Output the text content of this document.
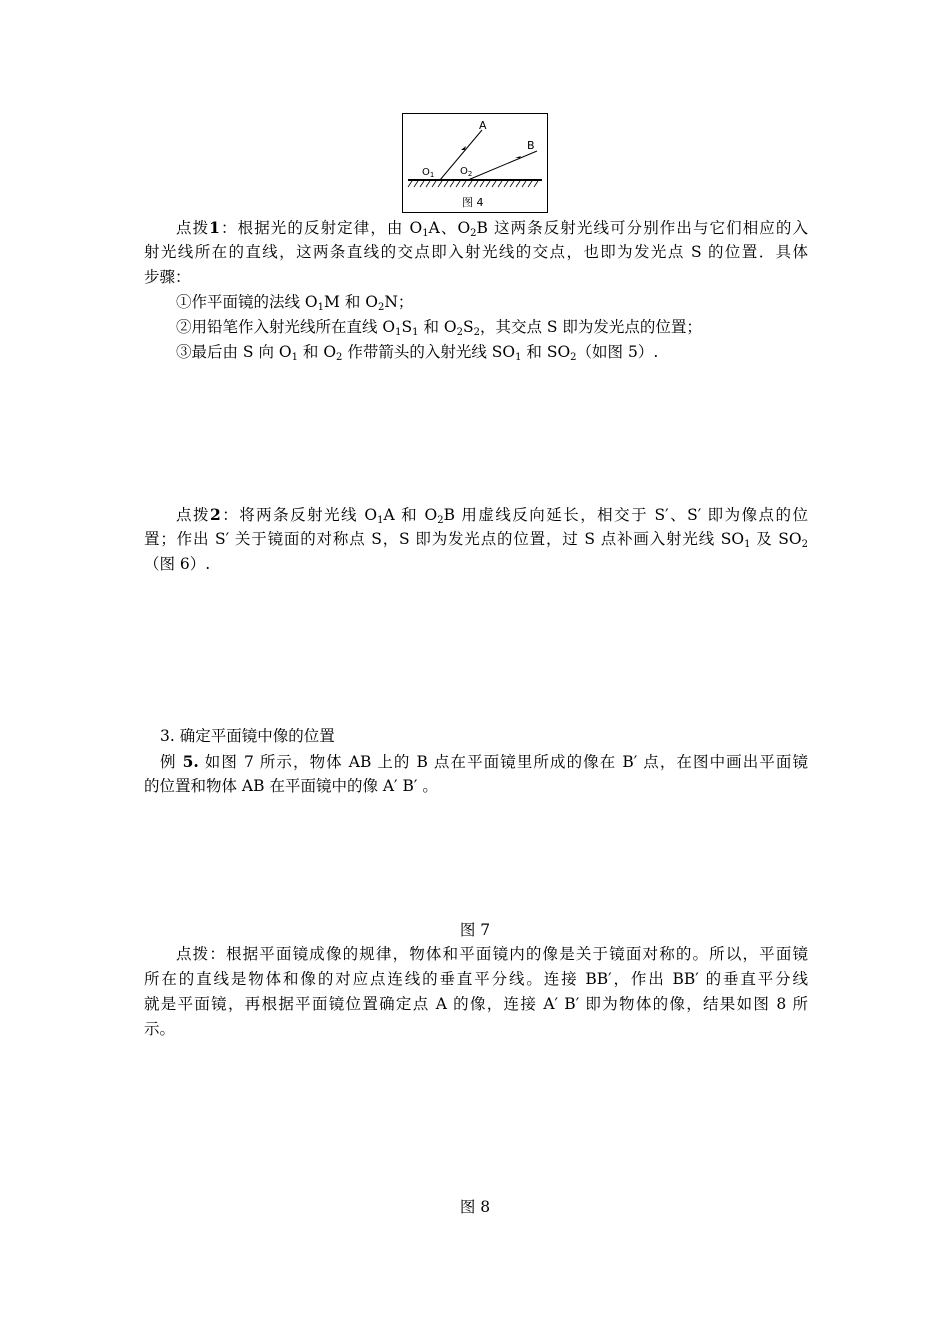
A
B
$O_1$	$O_2$
图 4
点拨1：根据光的反射定律，由 $O_1A$、$O_2B$ 这两条反射光线可分别作出与它们相应的入
射光线所在的直线，这两条直线的交点即入射光线的交点，也即为发光点 S 的位置．具体
步骤：
①作平面镜的法线 $O_1M$ 和 $O_2N$；
②用铅笔作入射光线所在直线 $O_1S_1$ 和 $O_2S_2$，其交点 S 即为发光点的位置；
③最后由 S 向 $O_1$ 和 $O_2$ 作带箭头的入射光线 $SO_1$ 和 $SO_2$（如图 5）.
点拨2：将两条反射光线 $O_1A$ 和 $O_2B$ 用虚线反向延长，相交于 S′、S′ 即为像点的位
置；作出 S′ 关于镜面的对称点 S，S 即为发光点的位置，过 S 点补画入射光线 $SO_1$ 及 $SO_2$
（图 6）.
3. 确定平面镜中像的位置
例 5. 如图 7 所示，物体 AB 上的 B 点在平面镜里所成的像在 B′ 点，在图中画出平面镜
的位置和物体 AB 在平面镜中的像 A′ B′ 。
图 7
点拨：根据平面镜成像的规律，物体和平面镜内的像是关于镜面对称的。所以，平面镜
所在的直线是物体和像的对应点连线的垂直平分线。连接 BB′，作出 BB′ 的垂直平分线
就是平面镜，再根据平面镜位置确定点 A 的像，连接 A′ B′ 即为物体的像，结果如图 8 所
示。
图 8
